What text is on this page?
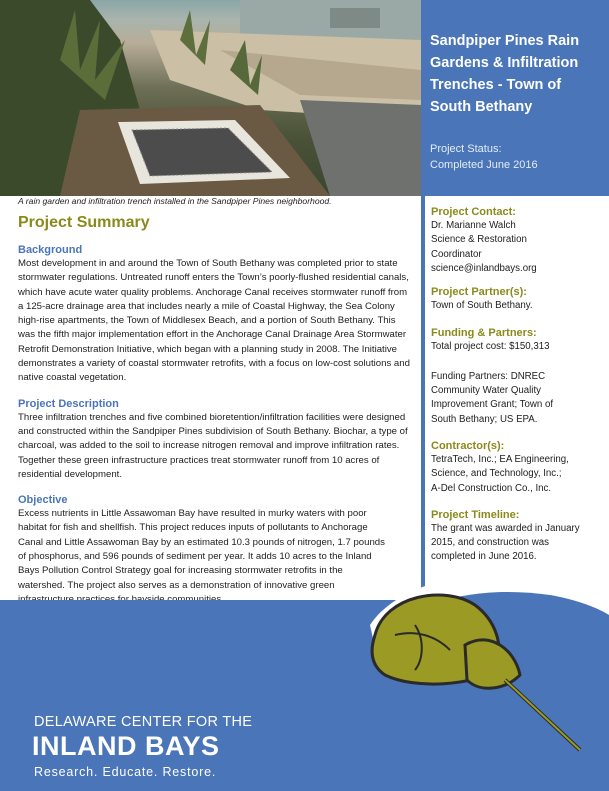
A rain garden and infiltration trench installed in the Sandpiper Pines neighborhood.
Sandpiper Pines Rain Gardens & Infiltration Trenches - Town of South Bethany
Project Status:
Completed June 2016
Project Summary
Background

Most development in and around the Town of South Bethany was completed prior to state stormwater regulations. Untreated runoff enters the Town’s poorly-flushed residential canals, which have acute water quality problems. Anchorage Canal receives stormwater runoff from a 125-acre drainage area that includes nearly a mile of Coastal Highway, the Sea Colony high-rise apartments, the Town of Middlesex Beach, and a portion of South Bethany. This was the fifth major implementation effort in the Anchorage Canal Drainage Area Stormwater Retrofit Demonstration Initiative, which began with a planning study in 2008. The Initiative demonstrates a variety of coastal stormwater retrofits, with a focus on low-cost solutions and native coastal vegetation.

Project Description

Three infiltration trenches and five combined bioretention/infiltration facilities were designed and constructed within the Sandpiper Pines subdivision of South Bethany. Biochar, a type of charcoal, was added to the soil to increase nitrogen removal and improve infiltration rates. Together these green infrastructure practices treat stormwater runoff from 10 acres of residential development.

Objective

Excess nutrients in Little Assawoman Bay have resulted in murky waters with poor habitat for fish and shellfish. This project reduces inputs of pollutants to Anchorage Canal and Little Assawoman Bay by an estimated 10.3 pounds of nitrogen, 1.7 pounds of phosphorus, and 596 pounds of sediment per year. It adds 10 acres to the Inland Bays Pollution Control Strategy goal for increasing stormwater retrofits in the watershed. The project also serves as a demonstration of innovative green

Project Contact:
Dr. Marianne Walch
Science & Restoration Coordinator
science@inlandbays.org
Project Partner(s):
Town of South Bethany.
Funding & Partners:
Total project cost: $150,313
Funding Partners: DNREC Community Water Quality Improvement Grant; Town of South Bethany; US EPA.
Contractor(s):
TetraTech, Inc.; EA Engineering, Science, and Technology, Inc.; A-Del Construction Co., Inc.
Project Timeline:
The grant was awarded in January 2015, and construction was completed in June 2016.
DELAWARE CENTER FOR THE
INLAND BAYS
Research. Educate. Restore.
